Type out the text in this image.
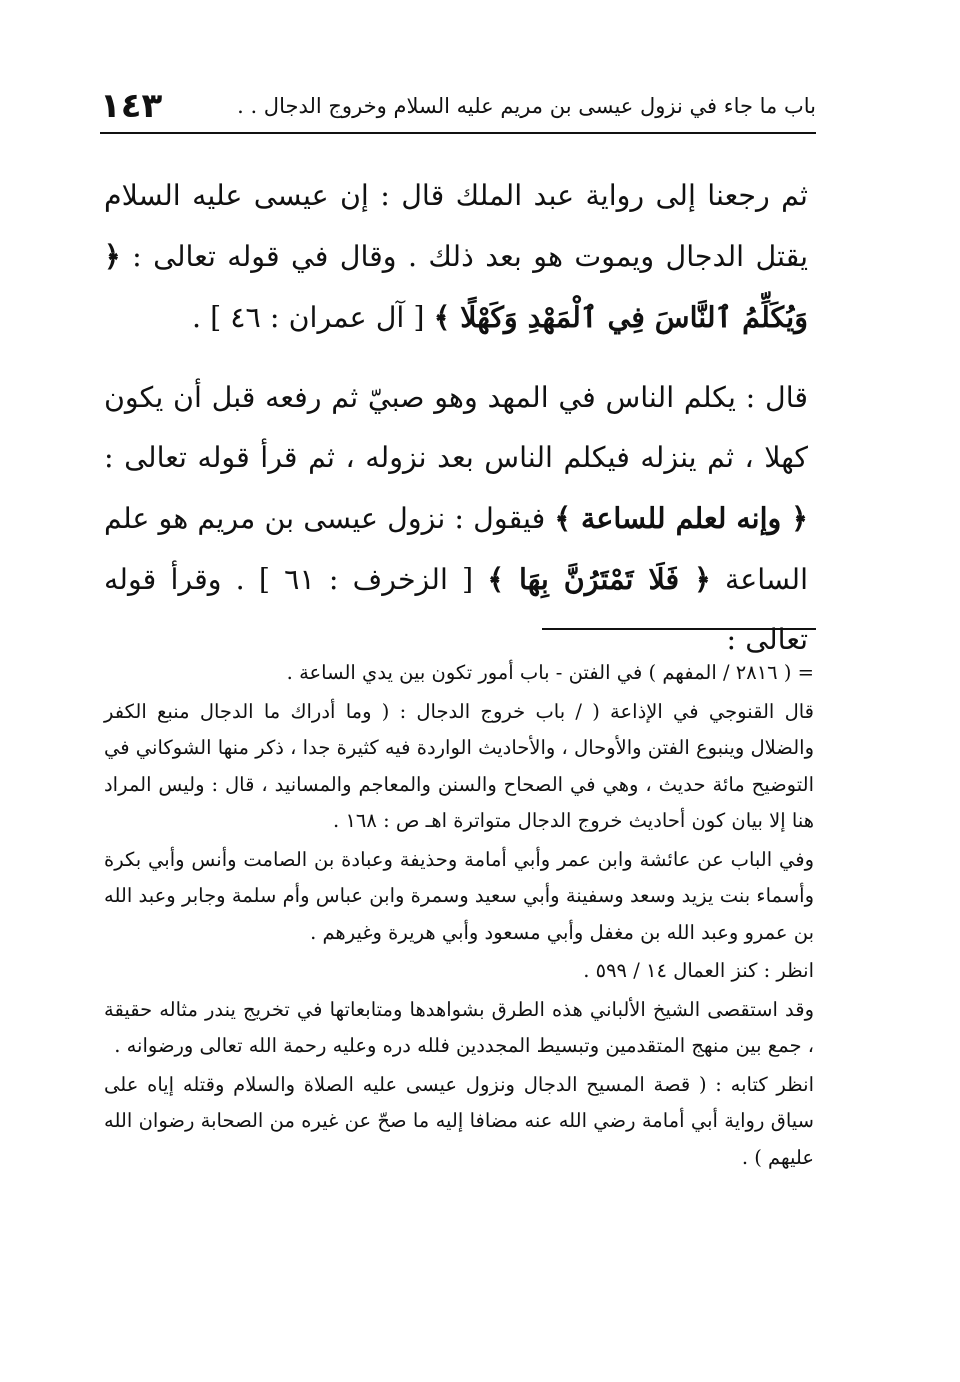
١٤٣	باب ما جاء في نزول عيسى بن مريم عليه السلام وخروج الدجال . .

ثم رجعنا إلى رواية عبد الملك قال : إن عيسى عليه السلام يقتل الدجال ويموت هو بعد ذلك . وقال في قوله تعالى : ﴿ وَيُكَلِّمُ ٱلنَّاسَ فِي ٱلْمَهْدِ وَكَهْلًا ﴾ [ آل عمران : ٤٦ ] .

قال : يكلم الناس في المهد وهو صبيّ ثم رفعه قبل أن يكون كهلا ، ثم ينزله فيكلم الناس بعد نزوله ، ثم قرأ قوله تعالى : ﴿ وإنه لعلم للساعة ﴾ فيقول : نزول عيسى بن مريم هو علم الساعة ﴿ فَلَا تَمْتَرُنَّ بِهَا ﴾ [ الزخرف : ٦١ ] . وقرأ قوله تعالى :

= ( ٢٨١٦ / المفهم ) في الفتن - باب أمور تكون بين يدي الساعة .

قال القنوجي في الإذاعة ( / باب خروج الدجال : ( وما أدراك ما الدجال منبع الكفر والضلال وينبوع الفتن والأوحال ، والأحاديث الواردة فيه كثيرة جدا ، ذكر منها الشوكاني في التوضيح مائة حديث ، وهي في الصحاح والسنن والمعاجم والمسانيد ، قال : وليس المراد هنا إلا بيان كون أحاديث خروج الدجال متواترة اهـ ص : ١٦٨ .

وفي الباب عن عائشة وابن عمر وأبي أمامة وحذيفة وعبادة بن الصامت وأنس وأبي بكرة وأسماء بنت يزيد وسعد وسفينة وأبي سعيد وسمرة وابن عباس وأم سلمة وجابر وعبد الله بن عمرو وعبد الله بن مغفل وأبي مسعود وأبي هريرة وغيرهم .

انظر : كنز العمال ١٤ / ٥٩٩ .

وقد استقصى الشيخ الألباني هذه الطرق بشواهدها ومتابعاتها في تخريج يندر مثاله حقيقة ، جمع بين منهج المتقدمين وتبسيط المجددين فلله دره وعليه رحمة الله تعالى ورضوانه .

انظر كتابه : ( قصة المسيح الدجال ونزول عيسى عليه الصلاة والسلام وقتله إياه على سياق رواية أبي أمامة رضي الله عنه مضافا إليه ما صحّ عن غيره من الصحابة رضوان الله عليهم ) .
